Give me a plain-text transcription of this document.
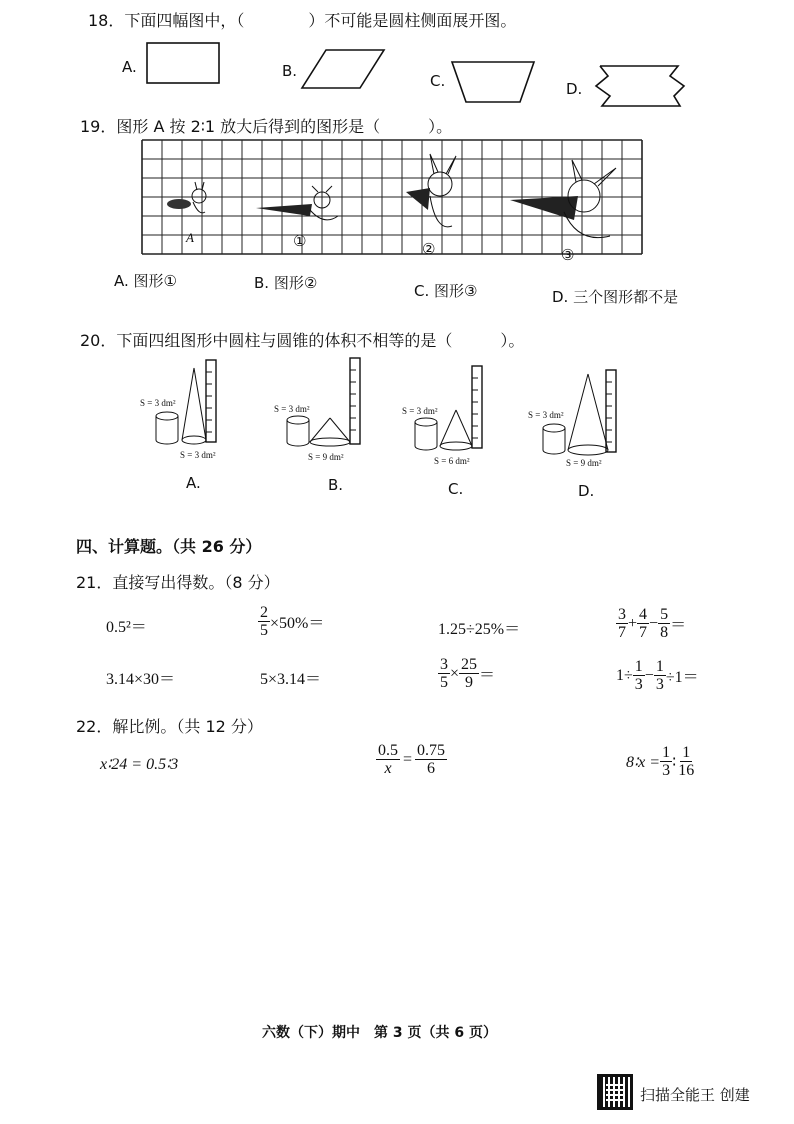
18．下面四幅图中，（　　　　）不可能是圆柱侧面展开图。
A.	B.
C.	D.
19．图形 A 按 2∶1 放大后得到的图形是（　　　）。
A	①	②	③
A. 图形①	B. 图形②	C. 图形③	D. 三个图形都不是
20．下面四组图形中圆柱与圆锥的体积不相等的是（　　　）。
S = 3 dm²
S = 3 dm²
A.
S = 3 dm²
S = 9 dm²
B.
S = 3 dm²
S = 6 dm²
C.
S = 3 dm²
S = 9 dm²
D.
四、计算题。（共 26 分）
21．直接写出得数。（8 分）
0.5²＝	$\frac{2}{5} \times 50\%=$	1.25÷25%＝	$\frac{3}{7} + \frac{4}{7} - \frac{5}{8}$ ＝
3.14×30＝	5×3.14＝	$\frac{3}{5} \times \frac{25}{9}$ ＝	$1\div \frac{1}{3} - \frac{1}{3} \div 1=$
22．解比例。（共 12 分）
x∶24 = 0.5∶3	$\frac{0.5}{x} = \frac{0.75}{6}$	8∶x = $\frac{1}{3}$ ∶ $\frac{1}{16}$
六数（下）期中　第 3 页（共 6 页）
扫描全能王 创建
